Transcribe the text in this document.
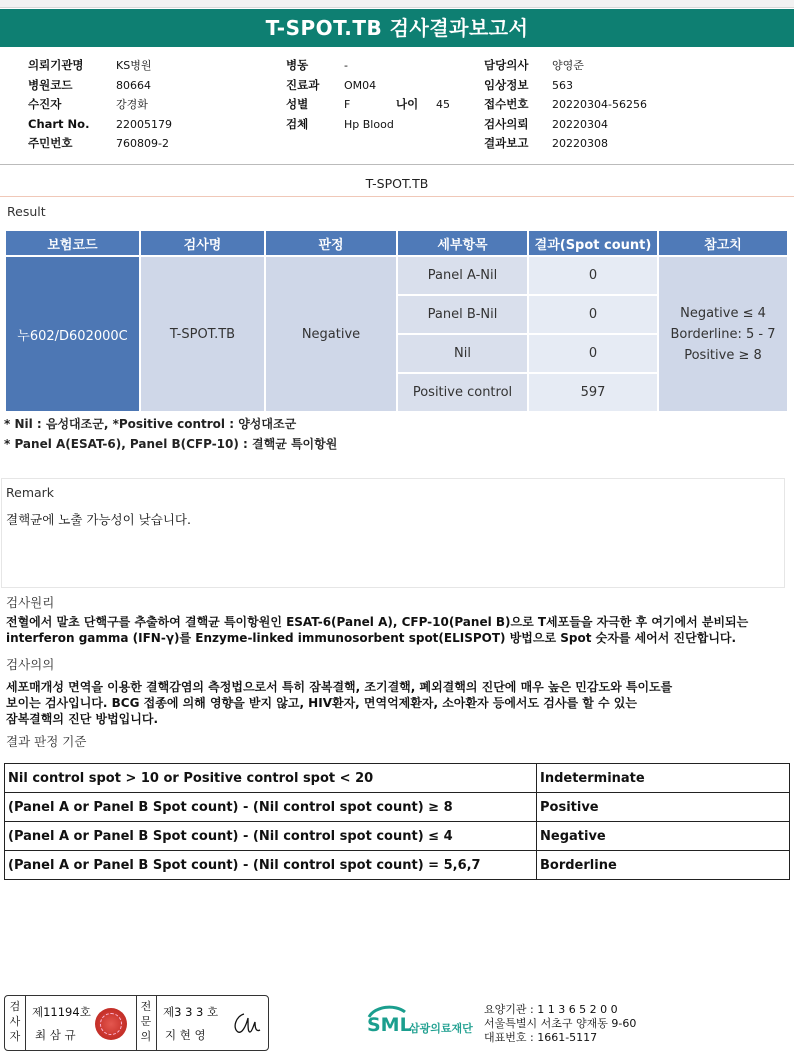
T-SPOT.TB 검사결과보고서
의뢰기관명	KS병원
병원코드	80664
수진자	강경화
Chart No. 22005179
주민번호	760809-2
병동	-
진료과 OM04
성별	F	나이 45
검체	Hp Blood
담당의사 양영준
임상정보 563
접수번호 20220304-56256
검사의뢰 20220304
결과보고 20220308
T-SPOT.TB
Result
보험코드	검사명	판정	세부항목	결과(Spot count)	참고치
누602/D602000C	T-SPOT.TB	Negative	Panel A-Nil	0	Negative ≤ 4
Borderline: 5 - 7
Positive ≥ 8

			Panel B-Nil	0	
			Nil	0	
			Positive control	597	
* Nil : 음성대조군, *Positive control : 양성대조군
* Panel A(ESAT-6), Panel B(CFP-10) : 결핵균 특이항원
Remark
결핵균에 노출 가능성이 낮습니다.
검사원리
전혈에서 말초 단핵구를 추출하여 결핵균 특이항원인 ESAT-6(Panel A), CFP-10(Panel B)으로 T세포들을 자극한 후 여기에서 분비되는
interferon gamma (IFN-γ)를 Enzyme-linked immunosorbent spot(ELISPOT) 방법으로 Spot 숫자를 세어서 진단합니다.
검사의의
세포매개성 면역을 이용한 결핵감염의 측정법으로서 특히 잠복결핵, 조기결핵, 폐외결핵의 진단에 매우 높은 민감도와 특이도를
보이는 검사입니다. BCG 접종에 의해 영향을 받지 않고, HIV환자, 면역억제환자, 소아환자 등에서도 검사를 할 수 있는
잠복결핵의 진단 방법입니다.
결과 판정 기준
Nil control spot > 10 or Positive control spot < 20	Indeterminate
(Panel A or Panel B Spot count) - (Nil control spot count) ≥ 8	Positive
(Panel A or Panel B Spot count) - (Nil control spot count) ≤ 4	Negative
(Panel A or Panel B Spot count) - (Nil control spot count) = 5,6,7	Borderline
검사자
제11194호
최 삼 규
전문의
제3 3 3 호
지 현 영	SML
삼광의료재단
요양기관 : 1 1 3 6 5 2 0 0
서울특별시 서초구 양재동 9-60
대표번호 : 1661-5117
